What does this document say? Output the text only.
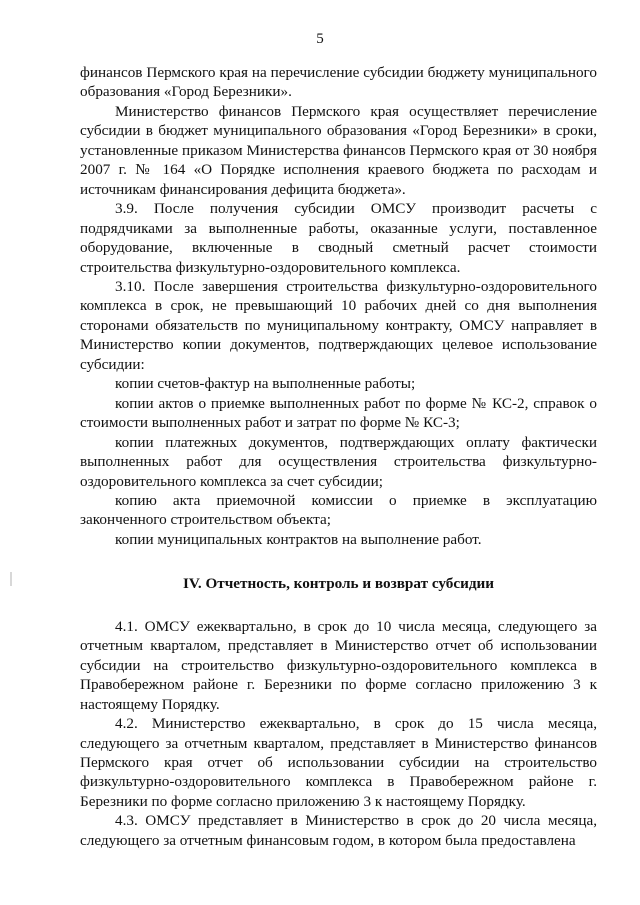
5

финансов Пермского края на перечисление субсидии бюджету муниципального образования «Город Березники».

Министерство финансов Пермского края осуществляет перечисление субсидии в бюджет муниципального образования «Город Березники» в сроки, установленные приказом Министерства финансов Пермского края от 30 ноября 2007 г. № 164 «О Порядке исполнения краевого бюджета по расходам и источникам финансирования дефицита бюджета».

3.9. После получения субсидии ОМСУ производит расчеты с подрядчиками за выполненные работы, оказанные услуги, поставленное оборудование, включенные в сводный сметный расчет стоимости строительства физкультурно-оздоровительного комплекса.

3.10. После завершения строительства физкультурно-оздоровительного комплекса в срок, не превышающий 10 рабочих дней со дня выполнения сторонами обязательств по муниципальному контракту, ОМСУ направляет в Министерство копии документов, подтверждающих целевое использование субсидии:

копии счетов-фактур на выполненные работы;

копии актов о приемке выполненных работ по форме № КС-2, справок о стоимости выполненных работ и затрат по форме № КС-3;

копии платежных документов, подтверждающих оплату фактически выполненных работ для осуществления строительства физкультурно-оздоровительного комплекса за счет субсидии;

копию акта приемочной комиссии о приемке в эксплуатацию законченного строительством объекта;

копии муниципальных контрактов на выполнение работ.

IV. Отчетность, контроль и возврат субсидии

4.1. ОМСУ ежеквартально, в срок до 10 числа месяца, следующего за отчетным кварталом, представляет в Министерство отчет об использовании субсидии на строительство физкультурно-оздоровительного комплекса в Правобережном районе г. Березники по форме согласно приложению 3 к настоящему Порядку.

4.2. Министерство ежеквартально, в срок до 15 числа месяца, следующего за отчетным кварталом, представляет в Министерство финансов Пермского края отчет об использовании субсидии на строительство физкультурно-оздоровительного комплекса в Правобережном районе г. Березники по форме согласно приложению 3 к настоящему Порядку.

4.3. ОМСУ представляет в Министерство в срок до 20 числа месяца, следующего за отчетным финансовым годом, в котором была предоставлена
